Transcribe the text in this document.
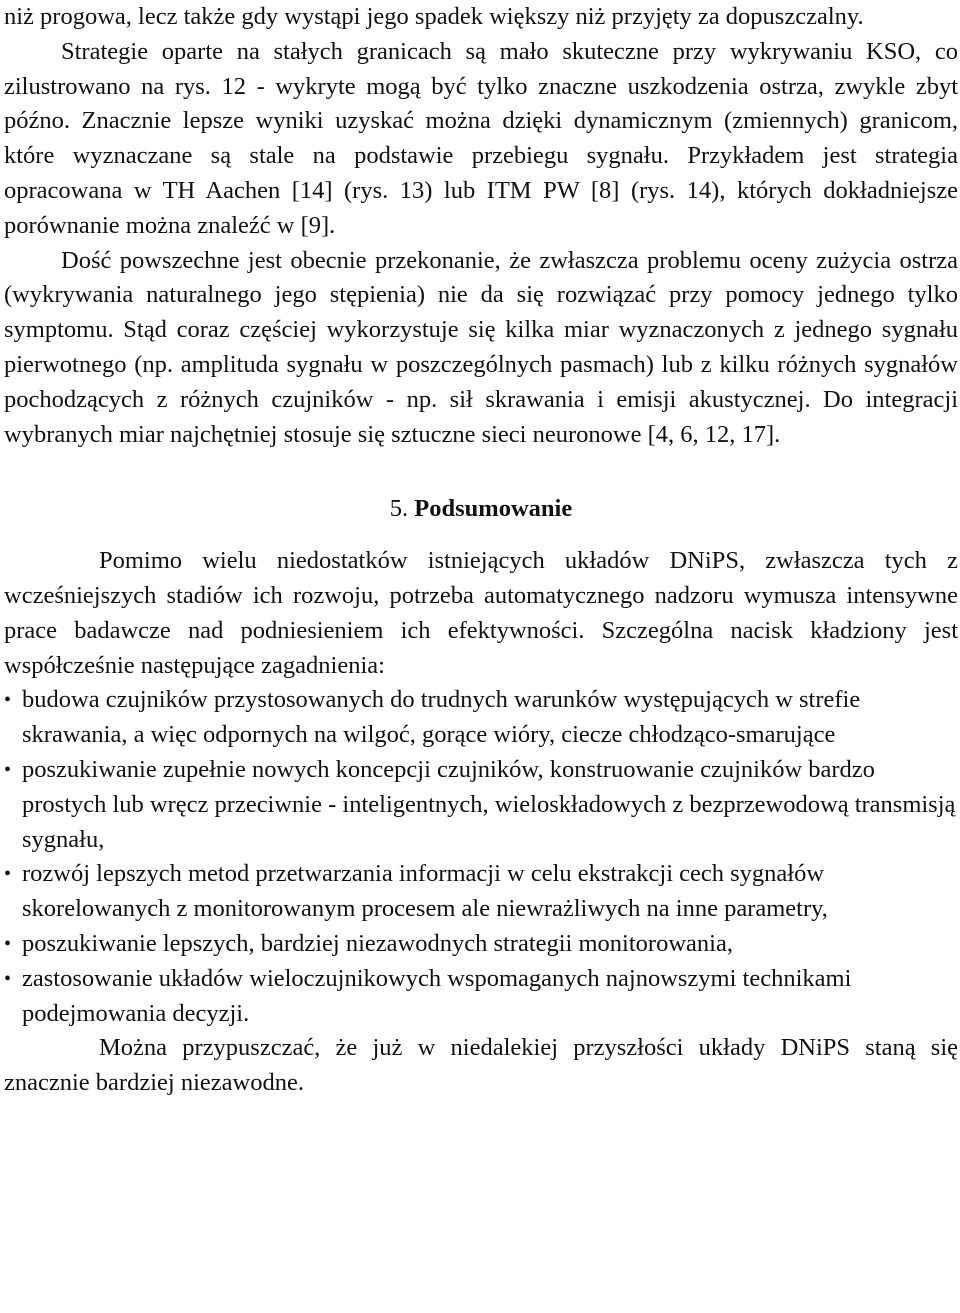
niż progowa, lecz także gdy wystąpi jego spadek większy niż przyjęty za dopuszczalny.

Strategie oparte na stałych granicach są mało skuteczne przy wykrywaniu KSO, co zilustrowano na rys. 12 - wykryte mogą być tylko znaczne uszkodzenia ostrza, zwykle zbyt późno. Znacznie lepsze wyniki uzyskać można dzięki dynamicznym (zmiennych) granicom, które wyznaczane są stale na podstawie przebiegu sygnału. Przykładem jest strategia opracowana w TH Aachen [14] (rys. 13) lub ITM PW [8] (rys. 14), których dokładniejsze porównanie można znaleźć w [9].

Dość powszechne jest obecnie przekonanie, że zwłaszcza problemu oceny zużycia ostrza (wykrywania naturalnego jego stępienia) nie da się rozwiązać przy pomocy jednego tylko symptomu. Stąd coraz częściej wykorzystuje się kilka miar wyznaczonych z jednego sygnału pierwotnego (np. amplituda sygnału w poszczególnych pasmach) lub z kilku różnych sygnałów pochodzących z różnych czujników - np. sił skrawania i emisji akustycznej. Do integracji wybranych miar najchętniej stosuje się sztuczne sieci neuronowe [4, 6, 12, 17].

5. Podsumowanie

Pomimo wielu niedostatków istniejących układów DNiPS, zwłaszcza tych z wcześniejszych stadiów ich rozwoju, potrzeba automatycznego nadzoru wymusza intensywne prace badawcze nad podniesieniem ich efektywności. Szczególna nacisk kładziony jest współcześnie następujące zagadnienia:

• budowa czujników przystosowanych do trudnych warunków występujących w strefie skrawania, a więc odpornych na wilgoć, gorące wióry, ciecze chłodząco-smarujące
• poszukiwanie zupełnie nowych koncepcji czujników, konstruowanie czujników bardzo prostych lub wręcz przeciwnie - inteligentnych, wieloskładowych z bezprzewodową transmisją sygnału,
• rozwój lepszych metod przetwarzania informacji w celu ekstrakcji cech sygnałów skorelowanych z monitorowanym procesem ale niewrażliwych na inne parametry,
• poszukiwanie lepszych, bardziej niezawodnych strategii monitorowania,
• zastosowanie układów wieloczujnikowych wspomaganych najnowszymi technikami podejmowania decyzji.

Można przypuszczać, że już w niedalekiej przyszłości układy DNiPS staną się znacznie bardziej niezawodne.
